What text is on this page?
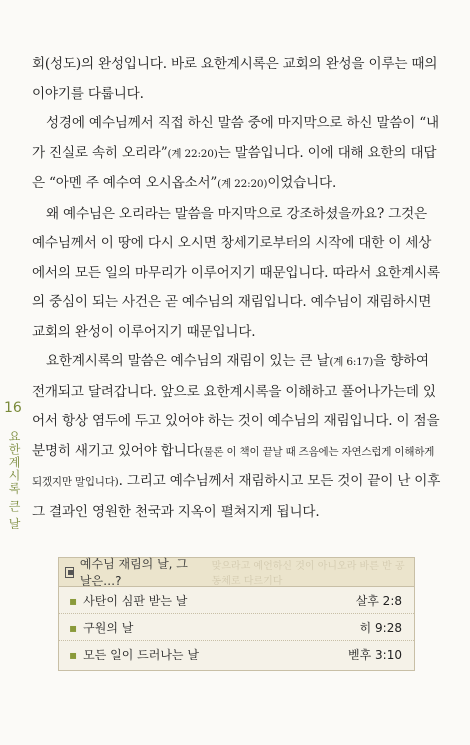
회(성도)의 완성입니다. 바로 요한계시록은 교회의 완성을 이루는 때의 이야기를 다룹니다.

성경에 예수님께서 직접 하신 말씀 중에 마지막으로 하신 말씀이 “내가 진실로 속히 오리라”(계 22:20)는 말씀입니다. 이에 대해 요한의 대답은 “아멘 주 예수여 오시옵소서”(계 22:20)이었습니다.

왜 예수님은 오리라는 말씀을 마지막으로 강조하셨을까요? 그것은 예수님께서 이 땅에 다시 오시면 창세기로부터의 시작에 대한 이 세상에서의 모든 일의 마무리가 이루어지기 때문입니다. 따라서 요한계시록의 중심이 되는 사건은 곧 예수님의 재림입니다. 예수님이 재림하시면 교회의 완성이 이루어지기 때문입니다.

요한계시록의 말씀은 예수님의 재림이 있는 큰 날(계 6:17)을 향하여 전개되고 달려갑니다. 앞으로 요한계시록을 이해하고 풀어나가는데 있어서 항상 염두에 두고 있어야 하는 것이 예수님의 재림입니다. 이 점을 분명히 새기고 있어야 합니다(물론 이 책이 끝날 때 즈음에는 자연스럽게 이해하게 되겠지만 말입니다). 그리고 예수님께서 재림하시고 모든 것이 끝이 난 이후 그 결과인 영원한 천국과 지옥이 펼쳐지게 됩니다.

16
요한계시록 큰 날
예수님 재림의 날, 그 날은…?
맞으라고 예언하신 것이 아니오라 바른 반 공동체로 다르기다
▪ 사탄이 심판 받는 날	살후 2:8
▪ 구원의 날	히 9:28
▪ 모든 일이 드러나는 날	벧후 3:10
